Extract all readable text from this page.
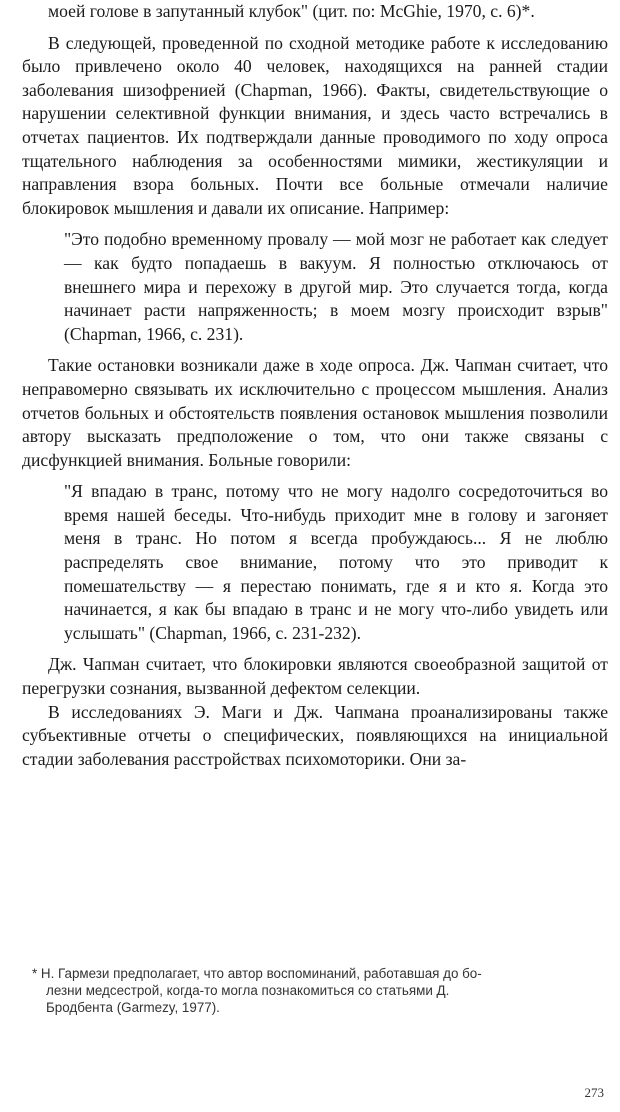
моей голове в запутанный клубок" (цит. по: McGhie, 1970, с. 6)*.

В следующей, проведенной по сходной методике работе к исследованию было привлечено около 40 человек, находящихся на ранней стадии заболевания шизофренией (Chapman, 1966). Факты, свидетельствующие о нарушении селективной функции внимания, и здесь часто встречались в отчетах пациентов. Их подтверждали данные проводимого по ходу опроса тщательного наблюдения за особенностями мимики, жестикуляции и направления взора больных. Почти все больные отмечали наличие блокировок мышления и давали их описание. Например:

"Это подобно временному провалу — мой мозг не работает как следует — как будто попадаешь в вакуум. Я полностью отключаюсь от внешнего мира и перехожу в другой мир. Это случается тогда, когда начинает расти напряженность; в моем мозгу происходит взрыв" (Chapman, 1966, с. 231).

Такие остановки возникали даже в ходе опроса. Дж. Чапман считает, что неправомерно связывать их исключительно с процессом мышления. Анализ отчетов больных и обстоятельств появления остановок мышления позволили автору высказать предположение о том, что они также связаны с дисфункцией внимания. Больные говорили:

"Я впадаю в транс, потому что не могу надолго сосредоточиться во время нашей беседы. Что-нибудь приходит мне в голову и загоняет меня в транс. Но потом я всегда пробуждаюсь... Я не люблю распределять свое внимание, потому что это приводит к помешательству — я перестаю понимать, где я и кто я. Когда это начинается, я как бы впадаю в транс и не могу что-либо увидеть или услышать" (Chapman, 1966, с. 231-232).

Дж. Чапман считает, что блокировки являются своеобразной защитой от перегрузки сознания, вызванной дефектом селекции.

В исследованиях Э. Маги и Дж. Чапмана проанализированы также субъективные отчеты о специфических, появляющихся на инициальной стадии заболевания расстройствах психомоторики. Они за-

* Н. Гармези предполагает, что автор воспоминаний, работавшая до бо-
лезни медсестрой, когда-то могла познакомиться со статьями Д.
Бродбента (Garmezy, 1977).
273
